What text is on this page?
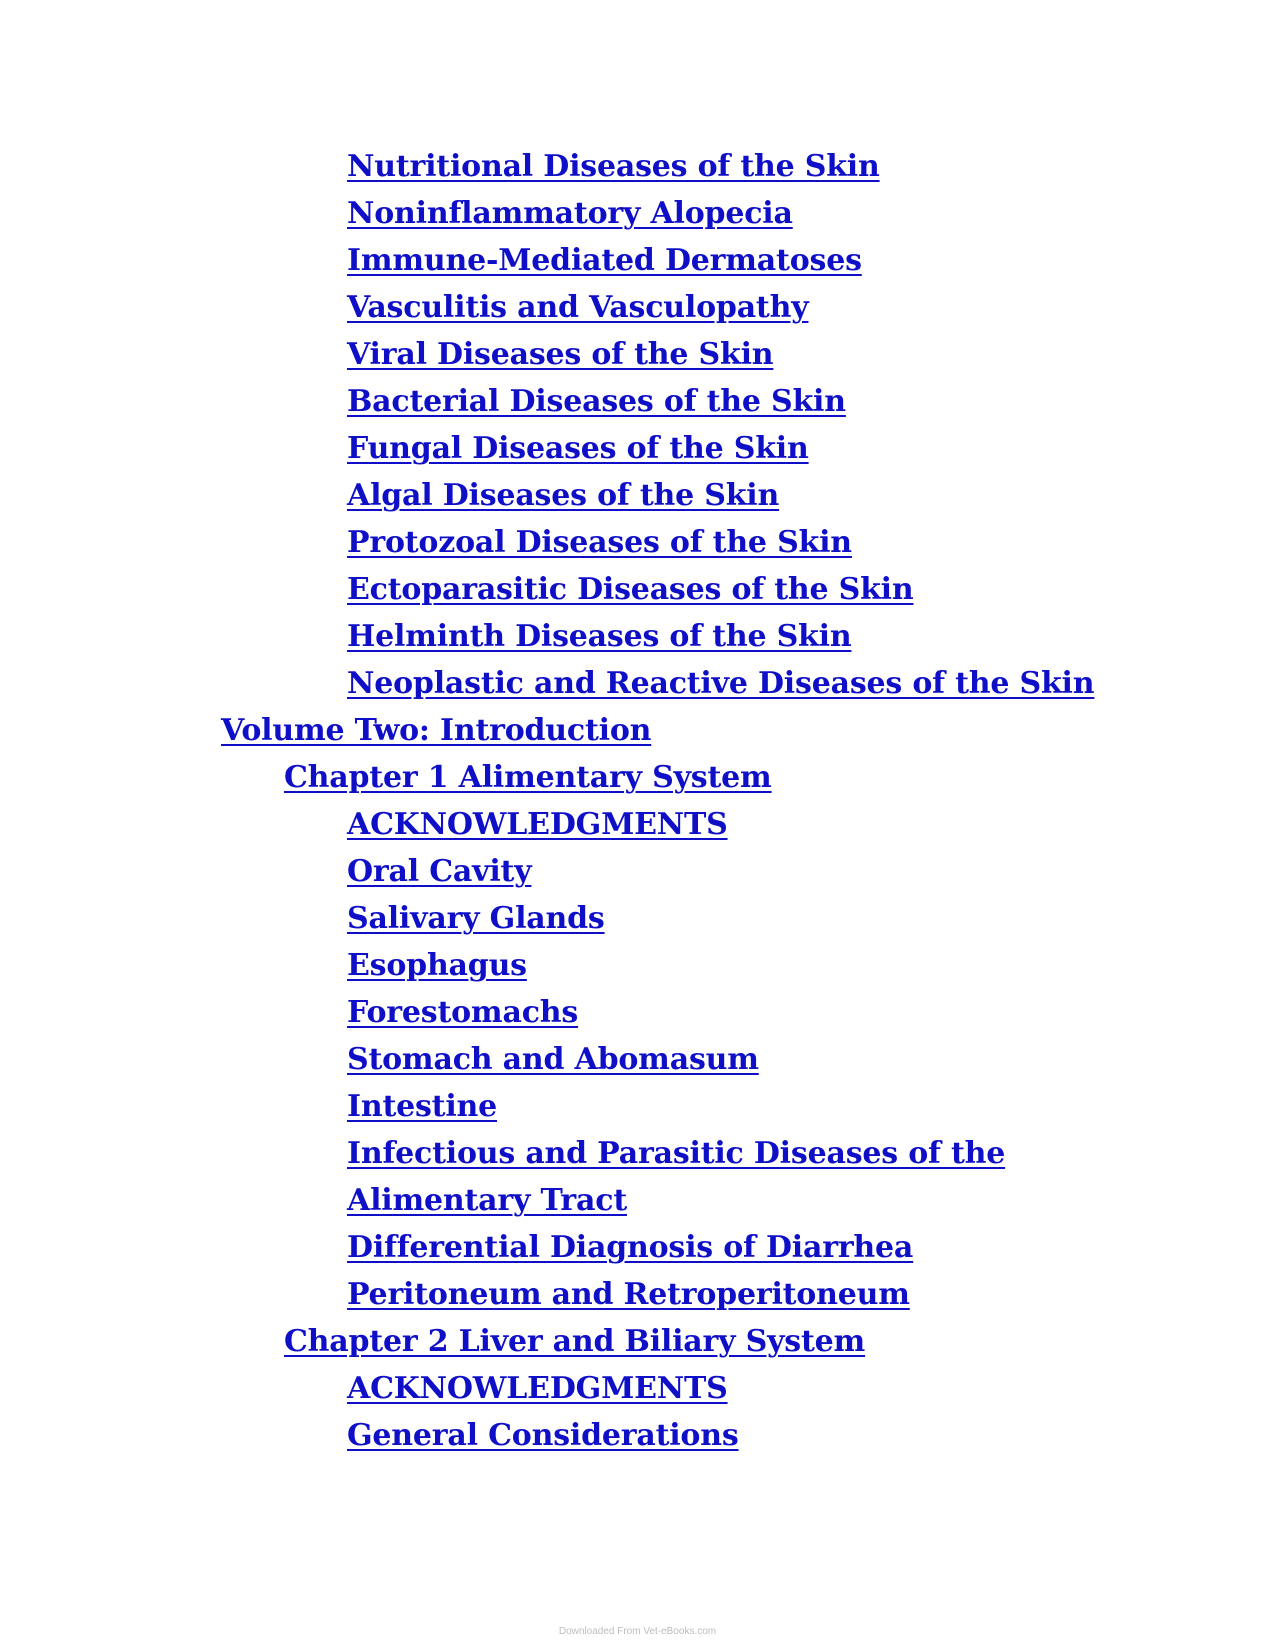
Nutritional Diseases of the Skin
Noninflammatory Alopecia
Immune-Mediated Dermatoses
Vasculitis and Vasculopathy
Viral Diseases of the Skin
Bacterial Diseases of the Skin
Fungal Diseases of the Skin
Algal Diseases of the Skin
Protozoal Diseases of the Skin
Ectoparasitic Diseases of the Skin
Helminth Diseases of the Skin
Neoplastic and Reactive Diseases of the Skin
Volume Two: Introduction
Chapter 1 Alimentary System
ACKNOWLEDGMENTS
Oral Cavity
Salivary Glands
Esophagus
Forestomachs
Stomach and Abomasum
Intestine
Infectious and Parasitic Diseases of the
Alimentary Tract
Differential Diagnosis of Diarrhea
Peritoneum and Retroperitoneum
Chapter 2 Liver and Biliary System
ACKNOWLEDGMENTS
General Considerations
Downloaded From Vet-eBooks.com
